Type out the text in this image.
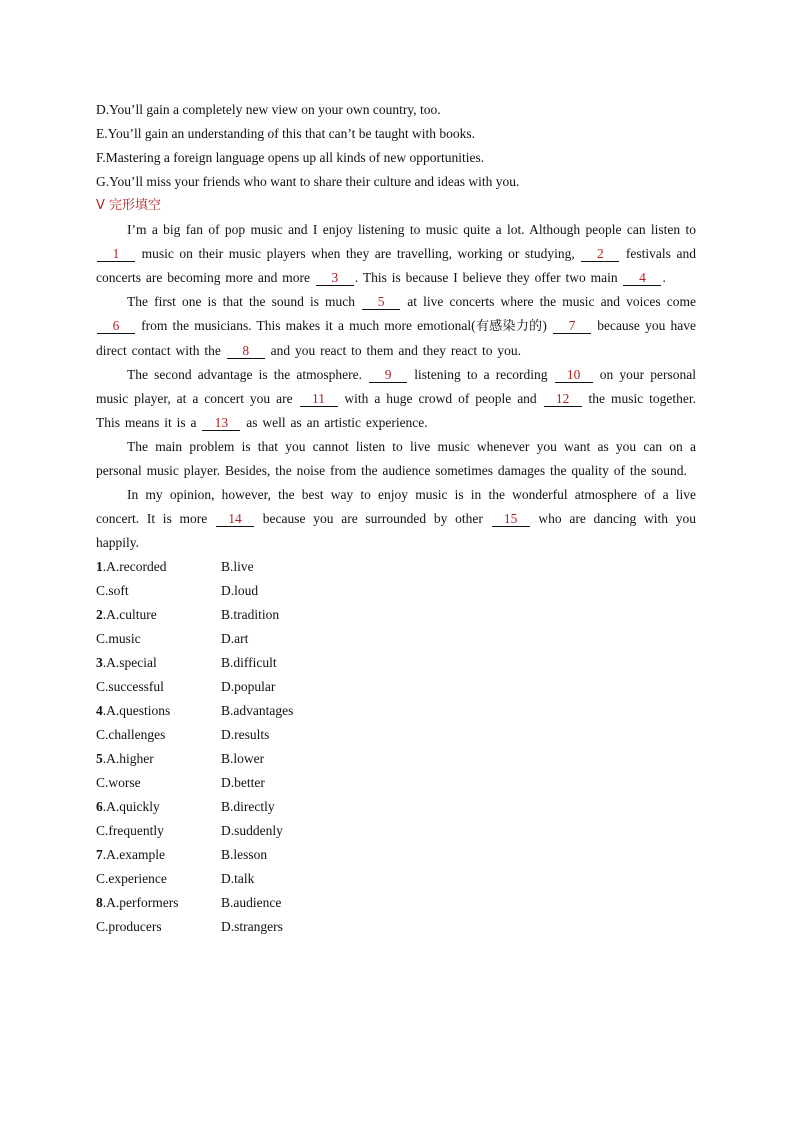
D.You’ll gain a completely new view on your own country, too.
E.You’ll gain an understanding of this that can’t be taught with books.
F.Mastering a foreign language opens up all kinds of new opportunities.
G.You’ll miss your friends who want to share their culture and ideas with you.
V 完形填空
I’m a big fan of pop music and I enjoy listening to music quite a lot. Although people can listen to 1 music on their music players when they are travelling, working or studying, 2 festivals and concerts are becoming more and more 3 . This is because I believe they offer two main 4 .
The first one is that the sound is much 5 at live concerts where the music and voices come 6 from the musicians. This makes it a much more emotional(有感染力的) 7 because you have direct contact with the 8 and you react to them and they react to you.
The second advantage is the atmosphere. 9 listening to a recording 10 on your personal music player, at a concert you are 11 with a huge crowd of people and 12 the music together. This means it is a 13 as well as an artistic experience.
The main problem is that you cannot listen to live music whenever you want as you can on a personal music player. Besides, the noise from the audience sometimes damages the quality of the sound.
In my opinion, however, the best way to enjoy music is in the wonderful atmosphere of a live concert. It is more 14 because you are surrounded by other 15 who are dancing with you happily.
1.A.recorded	B.live
C.soft	D.loud
2.A.culture	B.tradition
C.music	D.art
3.A.special	B.difficult
C.successful	D.popular
4.A.questions	B.advantages
C.challenges	D.results
5.A.higher	B.lower
C.worse	D.better
6.A.quickly	B.directly
C.frequently	D.suddenly
7.A.example	B.lesson
C.experience	D.talk
8.A.performers	B.audience
C.producers	D.strangers
